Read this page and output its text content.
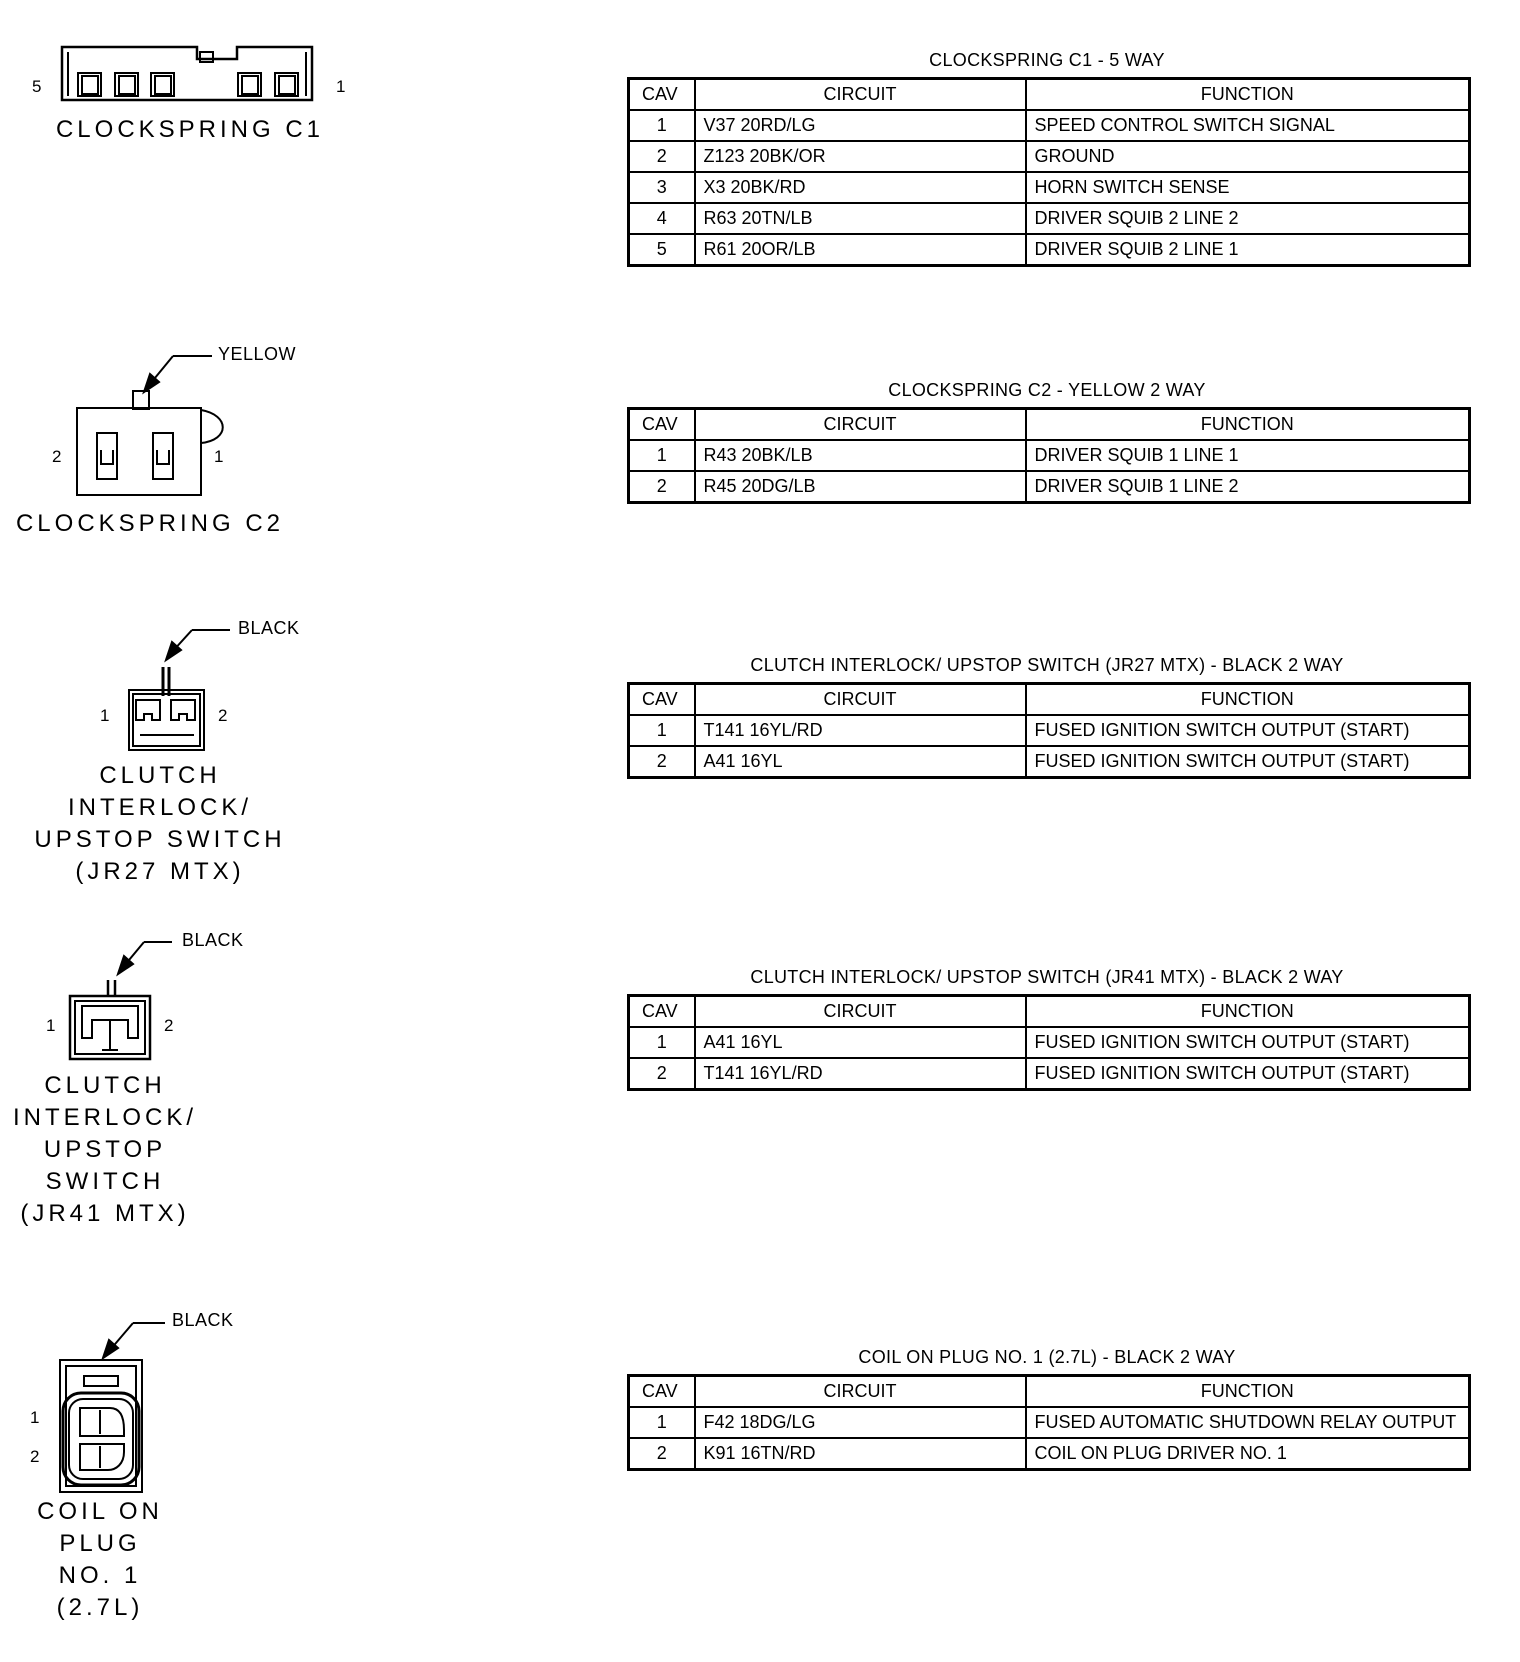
5	1
CLOCKSPRING C1
CLOCKSPRING C1 - 5 WAY
CAV	CIRCUIT	FUNCTION
1	V37 20RD/LG	SPEED CONTROL SWITCH SIGNAL
2	Z123 20BK/OR	GROUND
3	X3 20BK/RD	HORN SWITCH SENSE
4	R63 20TN/LB	DRIVER SQUIB 2 LINE 2
5	R61 20OR/LB	DRIVER SQUIB 2 LINE 1
YELLOW
2	1
CLOCKSPRING C2
CLOCKSPRING C2 - YELLOW 2 WAY
CAV	CIRCUIT	FUNCTION
1	R43 20BK/LB	DRIVER SQUIB 1 LINE 1
2	R45 20DG/LB	DRIVER SQUIB 1 LINE 2
BLACK
1	2
CLUTCH INTERLOCK/
UPSTOP SWITCH
(JR27 MTX)
CLUTCH INTERLOCK/ UPSTOP SWITCH (JR27 MTX) - BLACK 2 WAY
CAV	CIRCUIT	FUNCTION
1	T141 16YL/RD	FUSED IGNITION SWITCH OUTPUT (START)
2	A41 16YL	FUSED IGNITION SWITCH OUTPUT (START)
BLACK
1	2
CLUTCH
INTERLOCK/
UPSTOP
SWITCH
(JR41 MTX)
CLUTCH INTERLOCK/ UPSTOP SWITCH (JR41 MTX) - BLACK 2 WAY
CAV	CIRCUIT	FUNCTION
1	A41 16YL	FUSED IGNITION SWITCH OUTPUT (START)
2	T141 16YL/RD	FUSED IGNITION SWITCH OUTPUT (START)
BLACK
1
2
COIL ON
PLUG
NO. 1
(2.7L)
COIL ON PLUG NO. 1 (2.7L) - BLACK 2 WAY
CAV	CIRCUIT	FUNCTION
1	F42 18DG/LG	FUSED AUTOMATIC SHUTDOWN RELAY OUTPUT
2	K91 16TN/RD	COIL ON PLUG DRIVER NO. 1
